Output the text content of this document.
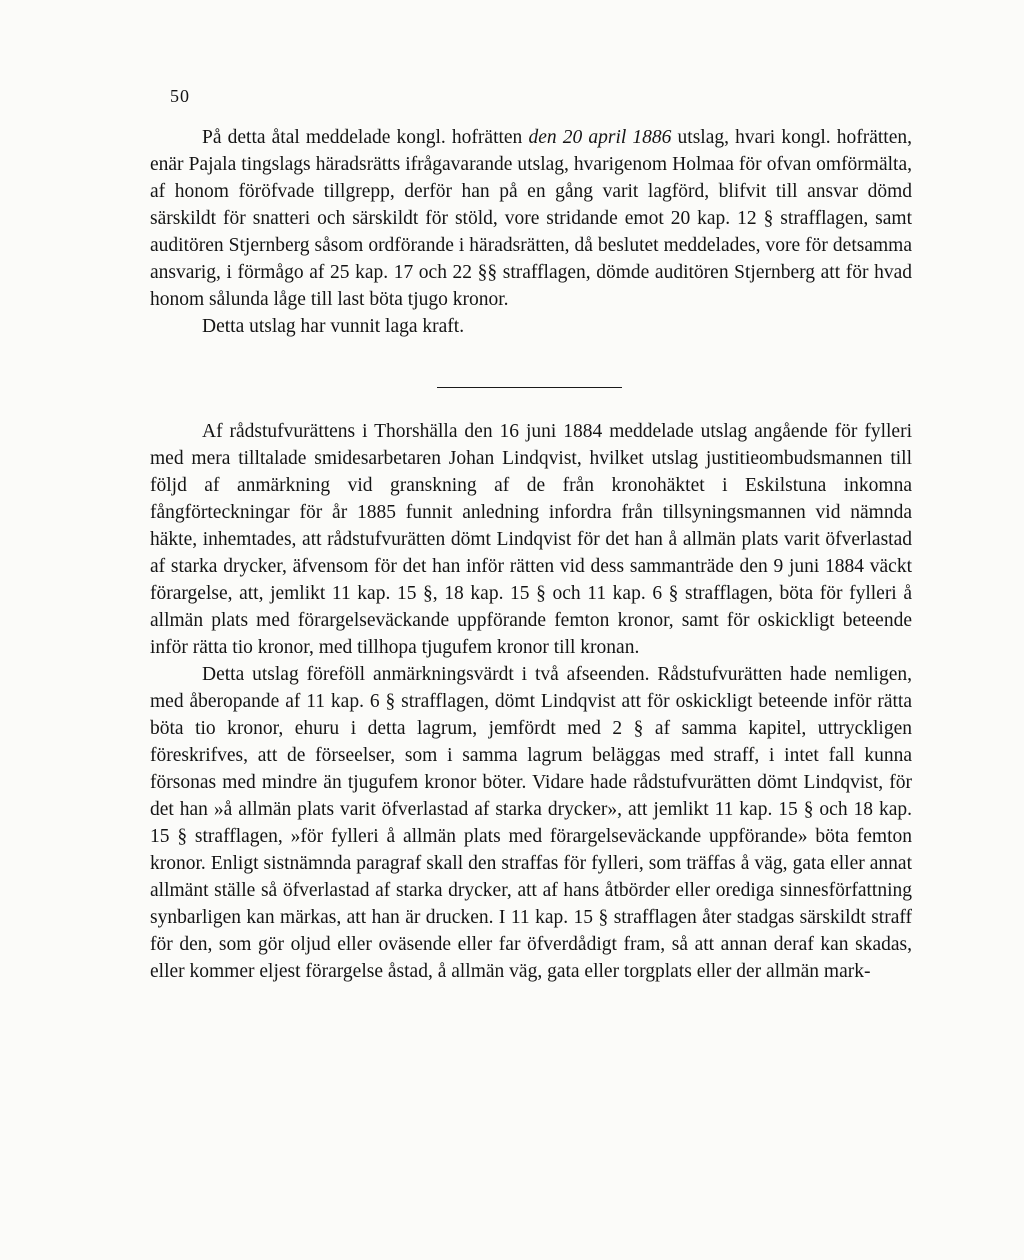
50

På detta åtal meddelade kongl. hofrätten den 20 april 1886 utslag, hvari kongl. hofrätten, enär Pajala tingslags häradsrätts ifrågavarande utslag, hvarigenom Holmaa för ofvan omförmälta, af honom föröfvade tillgrepp, derför han på en gång varit lagförd, blifvit till ansvar dömd särskildt för snatteri och särskildt för stöld, vore stridande emot 20 kap. 12 § strafflagen, samt auditören Stjernberg såsom ordförande i häradsrätten, då beslutet meddelades, vore för detsamma ansvarig, i förmågo af 25 kap. 17 och 22 §§ strafflagen, dömde auditören Stjernberg att för hvad honom sålunda låge till last böta tjugo kronor.

Detta utslag har vunnit laga kraft.

Af rådstufvurättens i Thorshälla den 16 juni 1884 meddelade utslag angående för fylleri med mera tilltalade smidesarbetaren Johan Lindqvist, hvilket utslag justitieombudsmannen till följd af anmärkning vid granskning af de från kronohäktet i Eskilstuna inkomna fångförteckningar för år 1885 funnit anledning infordra från tillsyningsmannen vid nämnda häkte, inhemtades, att rådstufvurätten dömt Lindqvist för det han å allmän plats varit öfverlastad af starka drycker, äfvensom för det han inför rätten vid dess sammanträde den 9 juni 1884 väckt förargelse, att, jemlikt 11 kap. 15 §, 18 kap. 15 § och 11 kap. 6 § strafflagen, böta för fylleri å allmän plats med förargelseväckande uppförande femton kronor, samt för oskickligt beteende inför rätta tio kronor, med tillhopa tjugufem kronor till kronan.

Detta utslag föreföll anmärkningsvärdt i två afseenden. Rådstufvurätten hade nemligen, med åberopande af 11 kap. 6 § strafflagen, dömt Lindqvist att för oskickligt beteende inför rätta böta tio kronor, ehuru i detta lagrum, jemfördt med 2 § af samma kapitel, uttryckligen föreskrifves, att de förseelser, som i samma lagrum beläggas med straff, i intet fall kunna försonas med mindre än tjugufem kronor böter. Vidare hade rådstufvurätten dömt Lindqvist, för det han »å allmän plats varit öfverlastad af starka drycker», att jemlikt 11 kap. 15 § och 18 kap. 15 § strafflagen, »för fylleri å allmän plats med förargelseväckande uppförande» böta femton kronor. Enligt sistnämnda paragraf skall den straffas för fylleri, som träffas å väg, gata eller annat allmänt ställe så öfverlastad af starka drycker, att af hans åtbörder eller orediga sinnesförfattning synbarligen kan märkas, att han är drucken. I 11 kap. 15 § strafflagen åter stadgas särskildt straff för den, som gör oljud eller oväsende eller far öfverdådigt fram, så att annan deraf kan skadas, eller kommer eljest förargelse åstad, å allmän väg, gata eller torgplats eller der allmän mark-
